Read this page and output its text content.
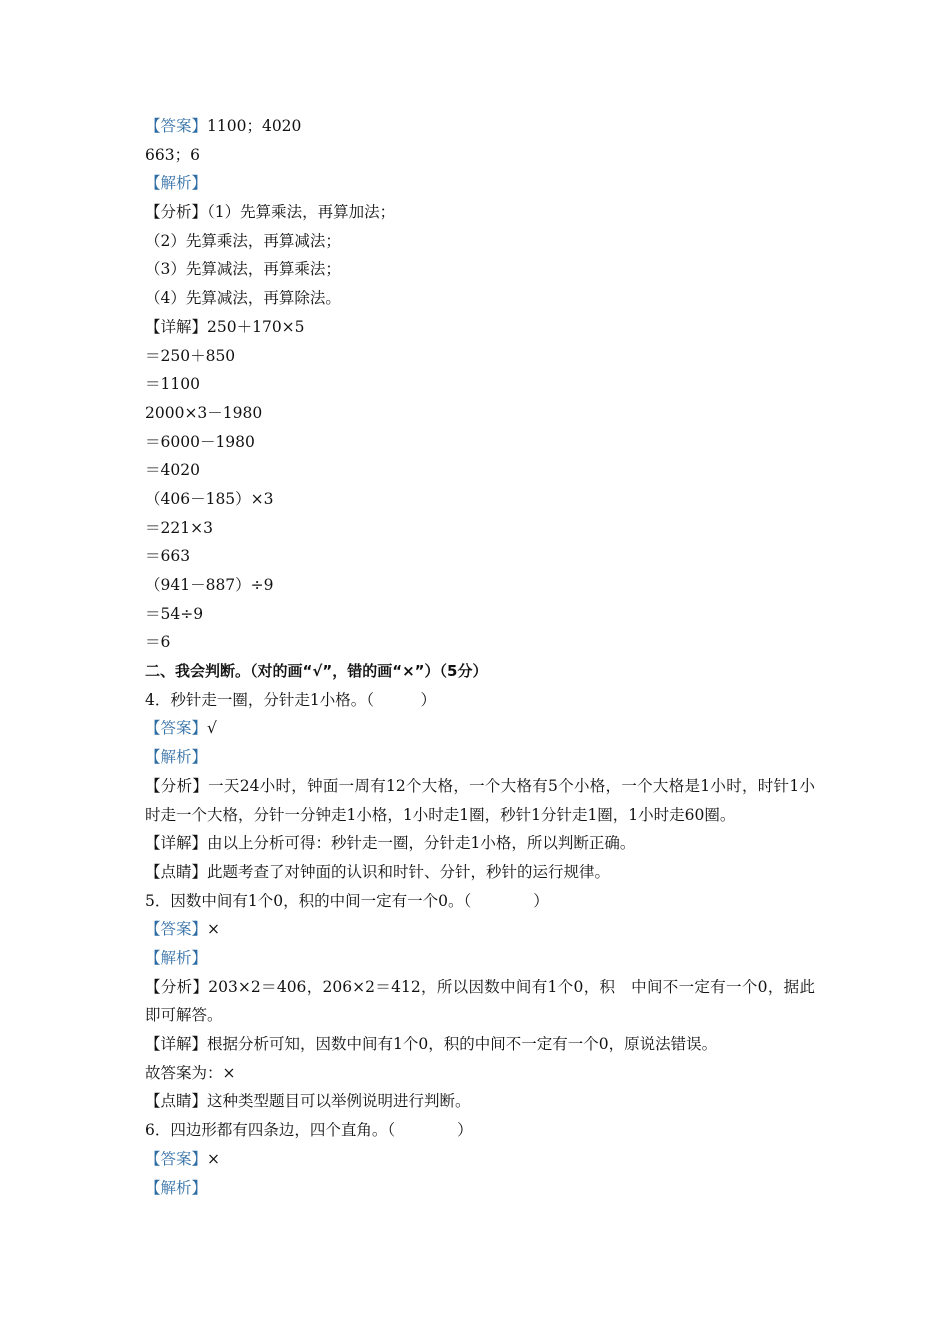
【答案】1100；4020
663；6
【解析】
【分析】（1）先算乘法，再算加法；
（2）先算乘法，再算减法；
（3）先算减法，再算乘法；
（4）先算减法，再算除法。
【详解】250＋170×5
＝250＋850
＝1100
2000×3－1980
＝6000－1980
＝4020
（406－185）×3
＝221×3
＝663
（941－887）÷9
＝54÷9
＝6
二、我会判断。（对的画“√”，错的画“×”）（5分）
4．秒针走一圈，分针走1小格。（　　　）
【答案】√
【解析】
【分析】一天24小时，钟面一周有12个大格，一个大格有5个小格，一个大格是1小时，时针1小时走一个大格，分针一分钟走1小格，1小时走1圈，秒针1分针走1圈，1小时走60圈。
【详解】由以上分析可得：秒针走一圈，分针走1小格，所以判断正确。
【点睛】此题考查了对钟面的认识和时针、分针，秒针的运行规律。
5．因数中间有1个0，积的中间一定有一个0。（　　　　）
【答案】×
【解析】
【分析】203×2＝406，206×2＝412，所以因数中间有1个0，积　中间不一定有一个0，据此即可解答。
【详解】根据分析可知，因数中间有1个0，积的中间不一定有一个0，原说法错误。
故答案为：×
【点睛】这种类型题目可以举例说明进行判断。
6．四边形都有四条边，四个直角。（　　　　）
【答案】×
【解析】
